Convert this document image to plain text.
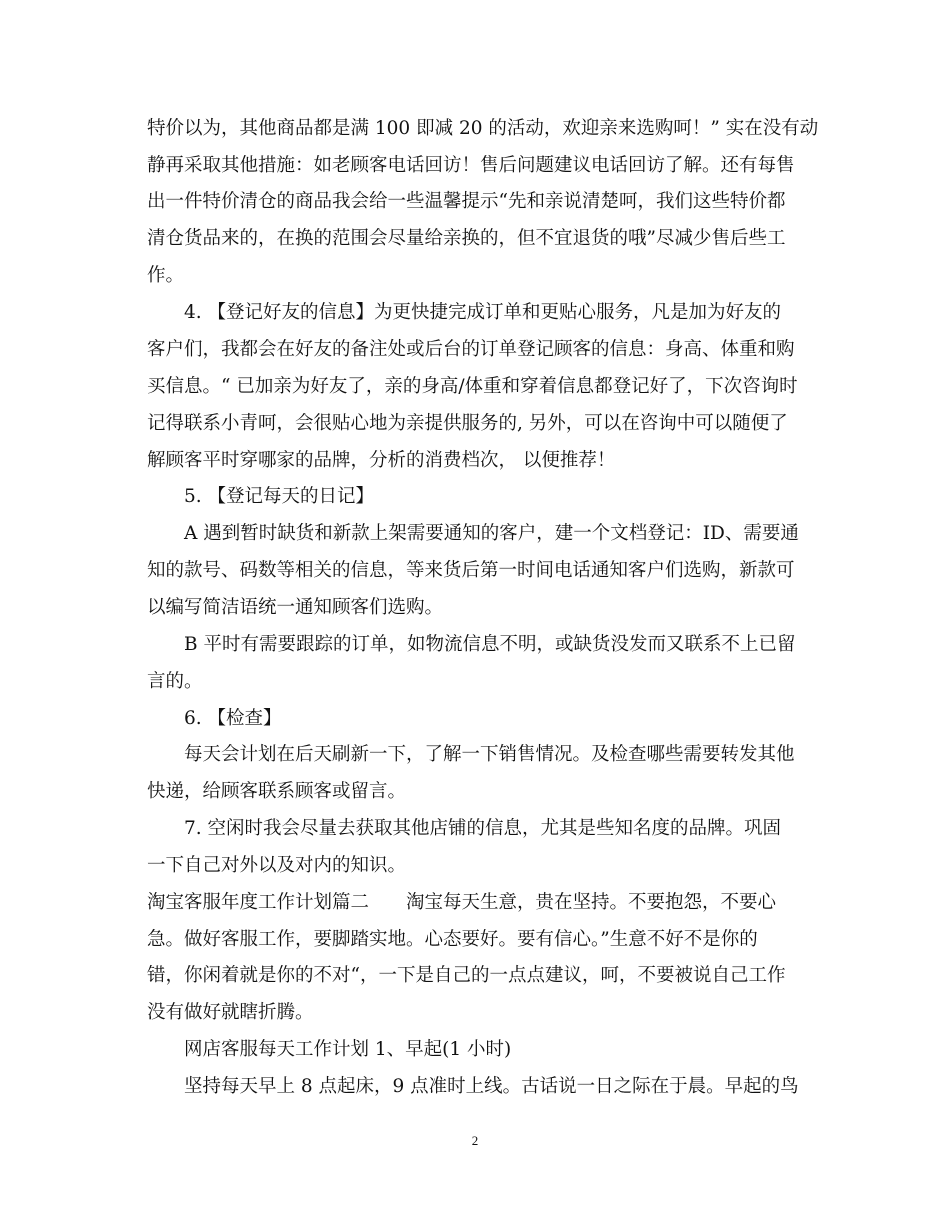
特价以为，其他商品都是满 100 即减 20 的活动，欢迎亲来选购呵！” 实在没有动
静再采取其他措施：如老顾客电话回访！售后问题建议电话回访了解。还有每售
出一件特价清仓的商品我会给一些温馨提示“先和亲说清楚呵，我们这些特价都
清仓货品来的，在换的范围会尽量给亲换的，但不宜退货的哦”尽减少售后些工
作。
4. 【登记好友的信息】为更快捷完成订单和更贴心服务，凡是加为好友的
客户们，我都会在好友的备注处或后台的订单登记顾客的信息：身高、体重和购
买信息。“ 已加亲为好友了，亲的身高/体重和穿着信息都登记好了，下次咨询时
记得联系小青呵，会很贴心地为亲提供服务的, 另外，可以在咨询中可以随便了
解顾客平时穿哪家的品牌，分析的消费档次， 以便推荐！
5. 【登记每天的日记】
A 遇到暂时缺货和新款上架需要通知的客户，建一个文档登记：ID、需要通
知的款号、码数等相关的信息，等来货后第一时间电话通知客户们选购，新款可
以编写简洁语统一通知顾客们选购。
B 平时有需要跟踪的订单，如物流信息不明，或缺货没发而又联系不上已留
言的。
6. 【检查】
每天会计划在后天刷新一下，了解一下销售情况。及检查哪些需要转发其他
快递，给顾客联系顾客或留言。
7. 空闲时我会尽量去获取其他店铺的信息，尤其是些知名度的品牌。巩固
一下自己对外以及对内的知识。
淘宝客服年度工作计划篇二　　淘宝每天生意，贵在坚持。不要抱怨，不要心
急。做好客服工作，要脚踏实地。心态要好。要有信心。”生意不好不是你的
错，你闲着就是你的不对“，一下是自己的一点点建议，呵，不要被说自己工作
没有做好就瞎折腾。
网店客服每天工作计划 1、早起(1 小时)
坚持每天早上 8 点起床，9 点准时上线。古话说一日之际在于晨。早起的鸟
2
